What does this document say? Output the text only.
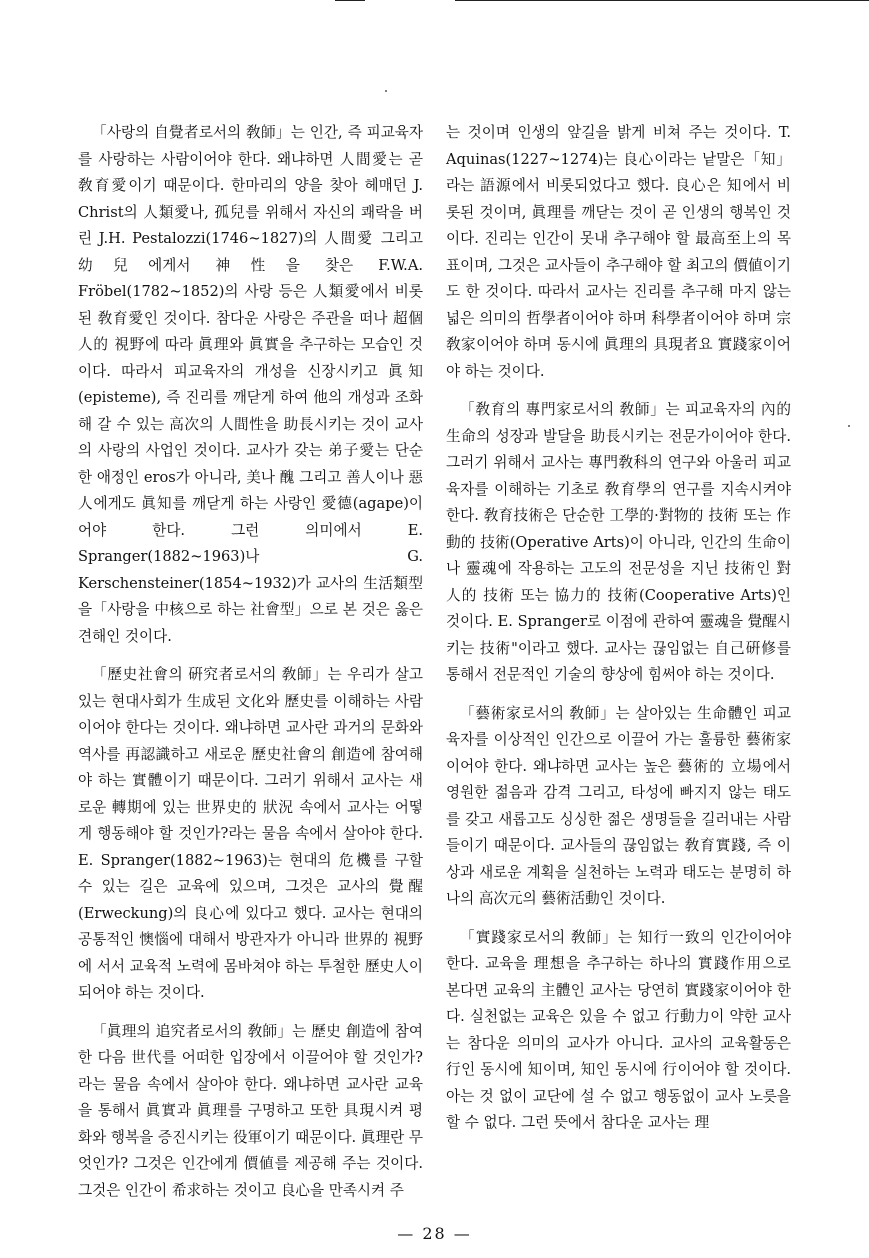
「사랑의 自覺者로서의 敎師」는 인간, 즉 피교육자를 사랑하는 사람이어야 한다. 왜냐하면 人間愛는 곧 敎育愛이기 때문이다. 한마리의 양을 찾아 헤매던 J. Christ의 人類愛나, 孤兒를 위해서 자신의 쾌락을 버린 J.H. Pestalozzi(1746~1827)의 人間愛 그리고 幼兒에게서 神性을 찾은 F.W.A. Fröbel(1782~1852)의 사랑 등은 人類愛에서 비롯된 敎育愛인 것이다. 참다운 사랑은 주관을 떠나 超個人的 視野에 따라 眞理와 眞實을 추구하는 모습인 것이다. 따라서 피교육자의 개성을 신장시키고 眞知(episteme), 즉 진리를 깨닫게 하여 他의 개성과 조화해 갈 수 있는 高次의 人間性을 助長시키는 것이 교사의 사랑의 사업인 것이다. 교사가 갖는 弟子愛는 단순한 애정인 eros가 아니라, 美나 醜 그리고 善人이나 惡人에게도 眞知를 깨닫게 하는 사랑인 愛德(agape)이어야 한다. 그런 의미에서 E. Spranger(1882~1963)나 G. Kerschensteiner(1854~1932)가 교사의 生活類型을「사랑을 中核으로 하는 社會型」으로 본 것은 옳은 견해인 것이다.

「歷史社會의 硏究者로서의 敎師」는 우리가 살고 있는 현대사회가 生成된 文化와 歷史를 이해하는 사람이어야 한다는 것이다. 왜냐하면 교사란 과거의 문화와 역사를 再認識하고 새로운 歷史社會의 創造에 참여해야 하는 實體이기 때문이다. 그러기 위해서 교사는 새로운 轉期에 있는 世界史的 狀況 속에서 교사는 어떻게 행동해야 할 것인가?라는 물음 속에서 살아야 한다. E. Spranger(1882~1963)는 현대의 危機를 구할 수 있는 길은 교육에 있으며, 그것은 교사의 覺醒(Erweckung)의 良心에 있다고 했다. 교사는 현대의 공통적인 懊惱에 대해서 방관자가 아니라 世界的 視野에 서서 교육적 노력에 몸바쳐야 하는 투철한 歷史人이 되어야 하는 것이다.

「眞理의 追究者로서의 敎師」는 歷史 創造에 참여한 다음 世代를 어떠한 입장에서 이끌어야 할 것인가?라는 물음 속에서 살아야 한다. 왜냐하면 교사란 교육을 통해서 眞實과 眞理를 구명하고 또한 具現시켜 평화와 행복을 증진시키는 役軍이기 때문이다. 眞理란 무엇인가? 그것은 인간에게 價値를 제공해 주는 것이다. 그것은 인간이 希求하는 것이고 良心을 만족시켜 주

는 것이며 인생의 앞길을 밝게 비쳐 주는 것이다. T. Aquinas(1227~1274)는 良心이라는 낱말은「知」라는 語源에서 비롯되었다고 했다. 良心은 知에서 비롯된 것이며, 眞理를 깨닫는 것이 곧 인생의 행복인 것이다. 진리는 인간이 못내 추구해야 할 最高至上의 목표이며, 그것은 교사들이 추구해야 할 최고의 價値이기도 한 것이다. 따라서 교사는 진리를 추구해 마지 않는 넓은 의미의 哲學者이어야 하며 科學者이어야 하며 宗敎家이어야 하며 동시에 眞理의 具現者요 實踐家이어야 하는 것이다.

「敎育의 專門家로서의 敎師」는 피교육자의 內的 生命의 성장과 발달을 助長시키는 전문가이어야 한다. 그러기 위해서 교사는 專門敎科의 연구와 아울러 피교육자를 이해하는 기초로 敎育學의 연구를 지속시켜야 한다. 敎育技術은 단순한 工學的·對物的 技術 또는 作動的 技術(Operative Arts)이 아니라, 인간의 生命이나 靈魂에 작용하는 고도의 전문성을 지닌 技術인 對人的 技術 또는 協力的 技術(Cooperative Arts)인 것이다. E. Spranger로 이점에 관하여 靈魂을 覺醒시키는 技術"이라고 했다. 교사는 끊임없는 自己硏修를 통해서 전문적인 기술의 향상에 힘써야 하는 것이다.

「藝術家로서의 敎師」는 살아있는 生命體인 피교육자를 이상적인 인간으로 이끌어 가는 훌륭한 藝術家이어야 한다. 왜냐하면 교사는 높은 藝術的 立場에서 영원한 젊음과 감격 그리고, 타성에 빠지지 않는 태도를 갖고 새롭고도 싱싱한 젊은 생명들을 길러내는 사람들이기 때문이다. 교사들의 끊임없는 敎育實踐, 즉 이상과 새로운 계획을 실천하는 노력과 태도는 분명히 하나의 高次元의 藝術活動인 것이다.

「實踐家로서의 敎師」는 知行一致의 인간이어야 한다. 교육을 理想을 추구하는 하나의 實踐作用으로 본다면 교육의 主體인 교사는 당연히 實踐家이어야 한다. 실천없는 교육은 있을 수 없고 行動力이 약한 교사는 참다운 의미의 교사가 아니다. 교사의 교육활동은 行인 동시에 知이며, 知인 동시에 行이어야 할 것이다. 아는 것 없이 교단에 설 수 없고 행동없이 교사 노릇을 할 수 없다. 그런 뜻에서 참다운 교사는 理

— 28 —
